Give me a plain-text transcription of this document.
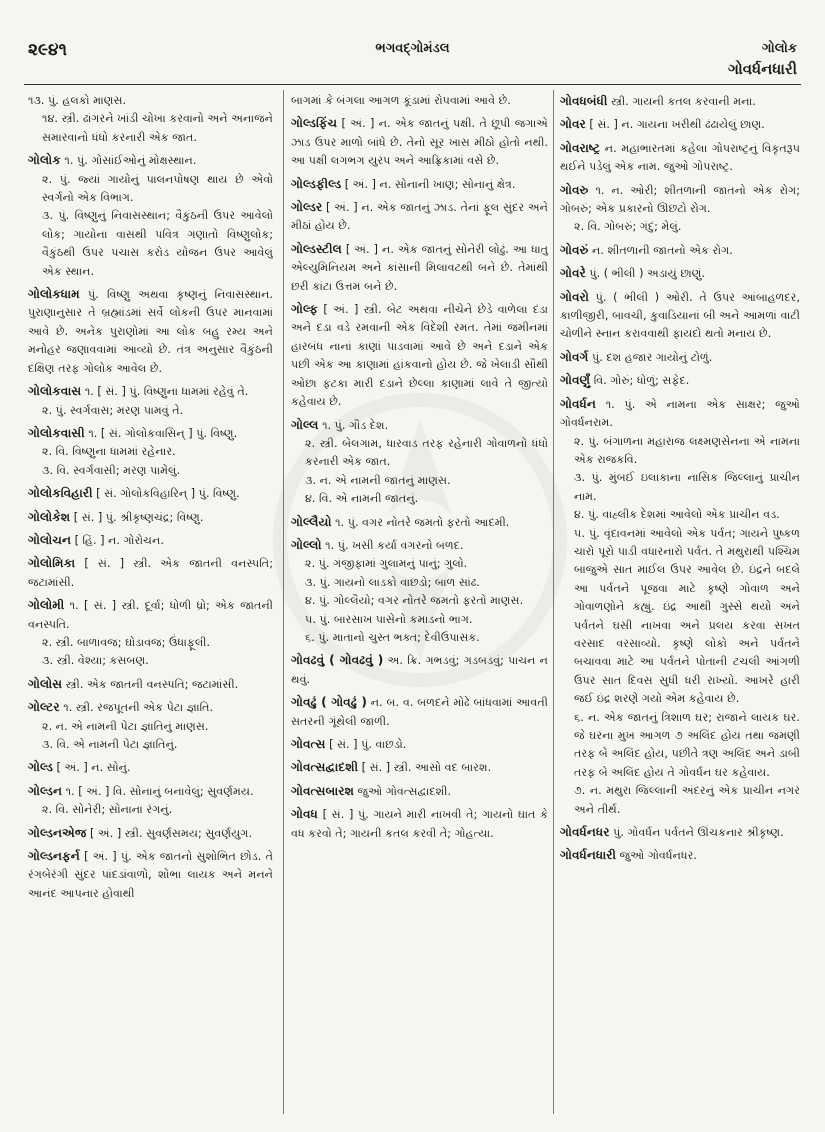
૨૯૪૧	ભગવદ્ગોમંડલ	ગોલોક
ગોવર્ધનધારી
૧૩. પું. હલકો માણસ.
૧૪. સ્ત્રી. ઢાંગરને ખાંડી ચોખા કરવાનો અને અનાજને સમારવાનો ધંધો કરનારી એક જાત.
ગોલોક ૧. પું. ગોસાંઈઓનું મોક્ષસ્થાન.
૨. પું. જ્યાં ગાયોનું પાલનપોષણ થાય છે એવો સ્વર્ગનો એક વિભાગ.
૩. પું. વિષ્ણુનું નિવાસસ્થાન; વૈકુંઠની ઉપર આવેલો લોક; ગાયોના વાસથી પવિત્ર ગણાતો વિષ્ણુલોક; વૈકુંઠથી ઉપર પચાસ કરોડ યોજન ઉપર આવેલું એક સ્થાન.
ગોલોકધામ પું. વિષ્ણુ અથવા કૃષ્ણનું નિવાસસ્થાન. પુરાણાનુસાર તે બ્રહ્માંડમાં સર્વે લોકની ઉપર માનવામાં આવે છે. અનેક પુરાણોમાં આ લોક બહુ રમ્ય અને મનોહર જણાવવામાં આવ્યો છે. તંત્ર અનુસાર વૈકુંઠની દક્ષિણ તરફ ગોલોક આવેલ છે.
ગોલોકવાસ ૧. [ સં. ] પું. વિષ્ણુના ધામમાં રહેવું તે.
૨. પું. સ્વર્ગવાસ; મરણ પામવું તે.
ગોલોકવાસી ૧. [ સં. ગોલોકવાસિન્ ] પું. વિષ્ણુ.
૨. વિ. વિષ્ણુના ધામમાં રહેનાર.
૩. વિ. સ્વર્ગવાસી; મરણ પામેલું.
ગોલોકવિહારી [ સં. ગોલોકવિહારિન્ ] પું. વિષ્ણુ.
ગોલોકેશ [ સં. ] પું. શ્રીકૃષ્ણચંદ્ર; વિષ્ણુ.
ગોલોચન [ હિં. ] ન. ગોરોચન.
ગોલોમિકા [ સં. ] સ્ત્રી. એક જાતની વનસ્પતિ; જટામાંસી.
ગોલોમી ૧. [ સં. ] સ્ત્રી. દૂર્વા; ધોળી ધ્રો; એક જાતની વનસ્પતિ.
૨. સ્ત્રી. બાળાવજ; ઘોડાવજ; ઉંધાફૂલી.
૩. સ્ત્રી. વેશ્યા; કસબણ.
ગોલોસ સ્ત્રી. એક જાતની વનસ્પતિ; જટામાંસી.
ગોલ્ટર ૧. સ્ત્રી. રજપૂતની એક પેટા જ્ઞાતિ.
૨. ન. એ નામની પેટા જ્ઞાતિનું માણસ.
૩. વિ. એ નામની પેટા જ્ઞાતિનું.
ગોલ્ડ [ અં. ] ન. સોનું.
ગોલ્ડન ૧. [ અં. ] વિ. સોનાનું બનાવેલું; સુવર્ણમય.
૨. વિ. સોનેરી; સોનાના રંગનું.
ગોલ્ડનએજ [ અં. ] સ્ત્રી. સુવર્ણસમય; સુવર્ણયુગ.
ગોલ્ડનફર્ન [ અં. ] પું. એક જાતનો સુશોભિત છોડ. તે રંગબેરંગી સુંદર પાંદડાંવાળો, શોભા લાયક અને મનને આનંદ આપનાર હોવાથી
બાગમાં કે બંગલા આગળ કૂંડામાં રોપવામાં આવે છે.
ગોલ્ડફિંચ [ અં. ] ન. એક જાતનું પક્ષી. તે છૂપી જગાએ ઝાડ ઉપર માળો બાંધે છે. તેનો સૂર ખાસ મીઠો હોતો નથી. આ પક્ષી લગભગ યુરપ અને આફ્રિકામાં વસે છે.
ગોલ્ડફીલ્ડ [ અં. ] ન. સોનાની ખાણ; સોનાનું ક્ષેત્ર.
ગોલ્ડર [ અં. ] ન. એક જાતનું ઝાડ. તેનાં ફૂલ સુંદર અને મીઠાં હોય છે.
ગોલ્ડસ્ટીલ [ અં. ] ન. એક જાતનું સોનેરી લોઢું. આ ધાતુ એલ્યુમિનિયમ અને કાંસાની મિલાવટથી બને છે. તેમાંથી છરી કાંટા ઉત્તમ બને છે.
ગોલ્ફ [ અં. ] સ્ત્રી. બેટ અથવા નીચેને છેડે વાળેલા દંડા અને દડા વડે રમવાની એક વિદેશી રમત. તેમાં જમીનમાં હારબંધ નાનાં કાણાં પાડવામાં આવે છે અને દડાને એક પછી એક આ કાણામાં હાંકવાનો હોય છે. જે ખેલાડી સૌથી ઓછા ફટકા મારી દડાને છેલ્લા કાણામાં લાવે તે જીત્યો કહેવાય છે.
ગોલ્લ ૧. પું. ગૌડ દેશ.
૨. સ્ત્રી. બેલગામ, ધારવાડ તરફ રહેનારી ગોવાળનો ધંધો કરનારી એક જાત.
૩. ન. એ નામની જાતનું માણસ.
૪. વિ. એ નામની જાતનું.
ગોલ્લૈયો ૧. પું. વગર નોતરે જમતો ફરતો આદમી.
ગોલ્લો ૧. પું. ખસી કર્યા વગરનો બળદ.
૨. પું. ગંજીફામાં ગુલામનું પાનું; ગુલો.
૩. પું. ગાયનો લાડકો વાછડો; બાળ સાંઢ.
૪. પું. ગોલ્લૈયો; વગર નોતરે જમતો ફરતો માણસ.
૫. પું. બારસાખ પાસેનો કમાડનો ભાગ.
૬. પું. માતાનો ચુસ્ત ભક્ત; દેવીઉપાસક.
ગોવઢવું ( ગોવઢવું ) અ. ક્રિ. ગભડવું; ગડબડવું; પાચન ન થવું.
ગોવઢું ( ગોવઢું ) ન. બ. વ. બળદને મોઢે બાંધવામાં આવતી સતરની ગૂંથેલી જાળી.
ગોવત્સ [ સં. ] પું. વાછડો.
ગોવત્સદ્વાદશી [ સં. ] સ્ત્રી. આસો વદ બારશ.
ગોવત્સબારશ જુઓ ગોવત્સદ્વાદશી.
ગોવધ [ સં. ] પું. ગાયને મારી નાખવી તે; ગાયનો ઘાત કે વધ કરવો તે; ગાયની કતલ કરવી તે; ગોહત્યા.
ગોવધબંધી સ્ત્રી. ગાયની કતલ કરવાની મના.
ગોવર [ સં. ] ન. ગાયના ખરીથી ઢંઢાયેલું છાણ.
ગોવરાષ્ટ્ર ન. મહાભારતમાં કહેલા ગોપરાષ્ટ્રનું વિકૃતરૂપ થઈને પડેલું એક નામ. જુઓ ગોપરાષ્ટ્ર.
ગોવરુ ૧. ન. ઓરી; શીતળાની જાતનો એક રોગ; ગોબરું; એક પ્રકારનો ઊછટો રોગ.
૨. વિ. ગોબરું; ગંદું; મેલું.
ગોવરું ન. શીતળાની જાતનો એક રોગ.
ગોવરે પું. ( ભીલી ) અડાયું છાણું.
ગોવરો પું. ( ભીલી ) ઓરી. તે ઉપર આંબાહળદર, કાળીજીરી, બાવચી, કુવાડિયાનાં બી અને આમળાં વાટી ચોળીને સ્નાન કરાવવાથી ફાયદો થતો મનાય છે.
ગોવર્ગ પું. દશ હજાર ગાયોનું ટોળું.
ગોવર્ણું વિ. ગોરું; ધોળું; સફેદ.
ગોવર્ધન ૧. પું. એ નામના એક સાક્ષર; જુઓ ગોવર્ધનરામ.
૨. પું. બંગાળના મહારાજ લક્ષ્મણસેનના એ નામના એક રાજકવિ.
૩. પું. મુંબઈ ઇલાકાના નાસિક જિલ્લાનું પ્રાચીન નામ.
૪. પું. વાહ્લીક દેશમાં આવેલો એક પ્રાચીન વડ.
૫. પું. વૃંદાવનમાં આવેલો એક પર્વત; ગાયને પુષ્કળ ચારો પૂરો પાડી વધારનારો પર્વત. તે મથુરાથી પશ્ચિમ બાજુએ સાત માઈલ ઉપર આવેલ છે. ઇંદ્રને બદલે આ પર્વતને પૂજવા માટે કૃષ્ણે ગોવાળ અને ગોવાળણોને કહ્યું. ઇંદ્ર આથી ગુસ્સે થયો અને પર્વતને ઘસી નાખવા અને પ્રલય કરવા સખત વરસાદ વરસાવ્યો. કૃષ્ણે લોકો અને પર્વતને બચાવવા માટે આ પર્વતને પોતાની ટચલી આંગળી ઉપર સાત દિવસ સુધી ધરી રાખ્યો. આખરે હારી જઈ ઇંદ્ર શરણે ગયો એમ કહેવાય છે.
૬. ન. એક જાતનું ત્રિશાળ ઘર; રાજાને લાયક ઘર. જે ઘરના મુખ આગળ ૭ અલિંદ હોય તથા જમણી તરફ બે અલિંદ હોય, પછીતે ત્રણ અલિંદ અને ડાબી તરફ બે અલિંદ હોય તે ગોવર્ધન ઘર કહેવાય.
૭. ન. મથુરા જિલ્લાની અંદરનું એક પ્રાચીન નગર અને તીર્થ.
ગોવર્ધનધર પું. ગોવર્ધન પર્વતને ઊંચકનાર શ્રીકૃષ્ણ.
ગોવર્ધનધારી જુઓ ગોવર્ધનધર.
